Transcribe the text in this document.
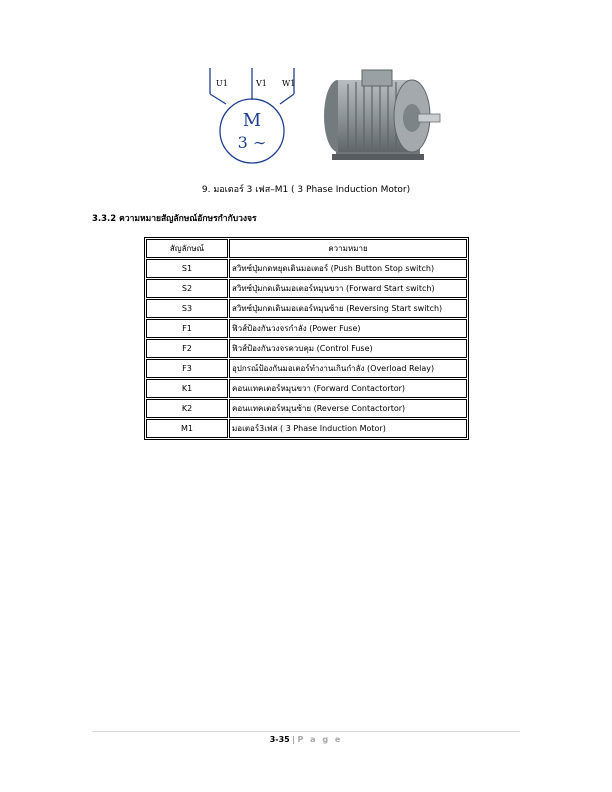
U1	V1 W1
M
3 ∼
9. มอเตอร์ 3 เฟส–M1 ( 3 Phase Induction Motor)
3.3.2 ความหมายสัญลักษณ์อักษรกำกับวงจร
สัญลักษณ์	ความหมาย
S1	สวิทซ์ปุ่มกดหยุดเดินมอเตอร์ (Push Button Stop switch)
S2	สวิทซ์ปุ่มกดเดินมอเตอร์หมุนขวา (Forward Start switch)
S3	สวิทซ์ปุ่มกดเดินมอเตอร์หมุนซ้าย (Reversing Start switch)
F1	ฟิวส์ป้องกันวงจรกำลัง (Power Fuse)
F2	ฟิวส์ป้องกันวงจรควบคุม (Control Fuse)
F3	อุปกรณ์ป้องกันมอเตอร์ทำงานเกินกำลัง (Overload Relay)
K1	คอนแทคเตอร์หมุนขวา (Forward Contactortor)
K2	คอนแทคเตอร์หมุนซ้าย (Reverse Contactortor)
M1	มอเตอร์3เฟส ( 3 Phase Induction Motor)
3-35 | P a g e
